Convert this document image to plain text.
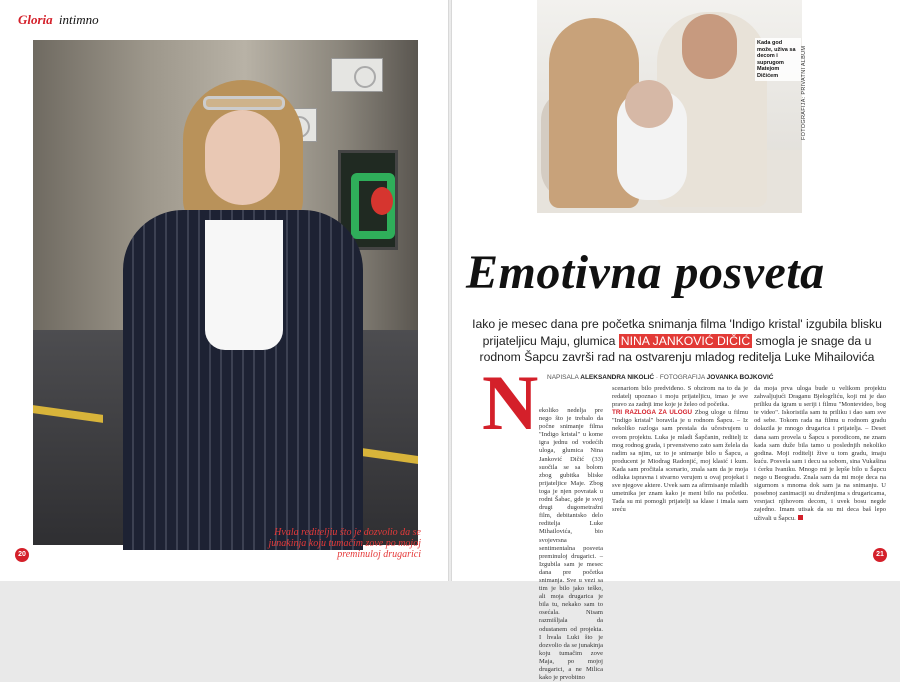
Gloria intimno
Hvala rediteljiu što je dozvolio da se junakinja koju tumačim zove po mojoj preminuloj drugarici
20
Kada god može, uživa sa decom i suprugom Matejom Dičićem	FOTOGRAFIJA: PRIVATNI ALBUM
Emotivna posveta
Iako je mesec dana pre početka snimanja filma 'Indigo kristal' izgubila blisku prijateljicu Maju, glumica NINA JANKOVIĆ DIČIĆ smogla je snage da u rodnom Šapcu završi rad na ostvarenju mladog reditelja Luke Mihailovića
N NAPISALA ALEKSANDRA NIKOLIĆ · FOTOGRAFIJA JOVANKA BOJKOVIĆ
ekoliko nedelja pre nego što je trebalo da počne snimanje filma "Indigo kristal" u kome igra jednu od vodećih uloga, glumica Nina Janković Dičić (33) suočila se sa bolom zbog gubitka bliske prijateljice Maje. Zbog toga je njen povratak u rodni Šabac, gde je svoj drugi dugometražni film, debitantsko delo reditelja Luke Mihailovića, bio svojevrsna sentimentalna posveta preminuloj drugarici. – Izgubila sam je mesec dana pre početka snimanja. Sve u vezi sa tim je bilo jako teško, ali moja drugarica je bila tu, nekako sam to osećala. Nisam razmišljala da odustanem od projekta. I hvala Luki što je dozvolio da se junakinja koju tumačim zove Maja, po mojoj drugarici, a ne Milica kako je prvobitno
scenariom bilo predviđeno. S obzirom na to da je redatelj upoznao i moju prijateljicu, imao je sve pravo za zadnji ime koje je želeo od početka.
TRI RAZLOGA ZA ULOGU Zbog uloge u filmu "Indigo kristal" boravila je u rodnom Šapcu. – Iz nekoliko razloga sam prestala da učestvujem u ovom projektu. Luka je mladi Šapčanin, reditelj iz mog rodnog grada, i prvenstveno zato sam želela da radim sa njim, uz to je snimanje bilo u Šapcu, a producent je Miodrag Radonjić, moj klasić i kum. Kada sam pročitala scenario, znala sam da je moja odluka ispravna i stvarno verujem u ovaj projekat i sve njegove aktere. Uvek sam za afirmisanje mladih umetnika jer znam kako je meni bilo na početku. Tada su mi pomogli prijatelji sa klase i imala sam sreću
da moja prva uloga bude u velikom projektu zahvaljujući Draganu Bjelogrliću, koji mi je dao priliku da igram u seriji i filmu "Montevideo, bog te video". Iskoristila sam tu priliku i dao sam sve od sebe. Tokom rada na filmu u rodnom gradu dolazila je mnogo drugarica i prijatelja. – Deset dana sam provela u Šapcu s porodicom, ne znam kada sam duže bila tamo u poslednjih nekoliko godina. Moji roditelji žive u tom gradu, imaju kuću. Posvela sam i decu sa sobom, sina Vukašina i ćerku Ivaniku. Mnogo mi je lepše bilo u Šapcu nego u Beogradu. Znala sam da mi moje deca na sigurnom s mnoma dok sam ja na snimanju. U posebnoj zanimaciji su druženjima s drugaricama, vrsnjaci njihovom decom, i uvek bosu negde zajedno. Imam utisak da su mi deca baš lepo uživali u Šapcu.
21
